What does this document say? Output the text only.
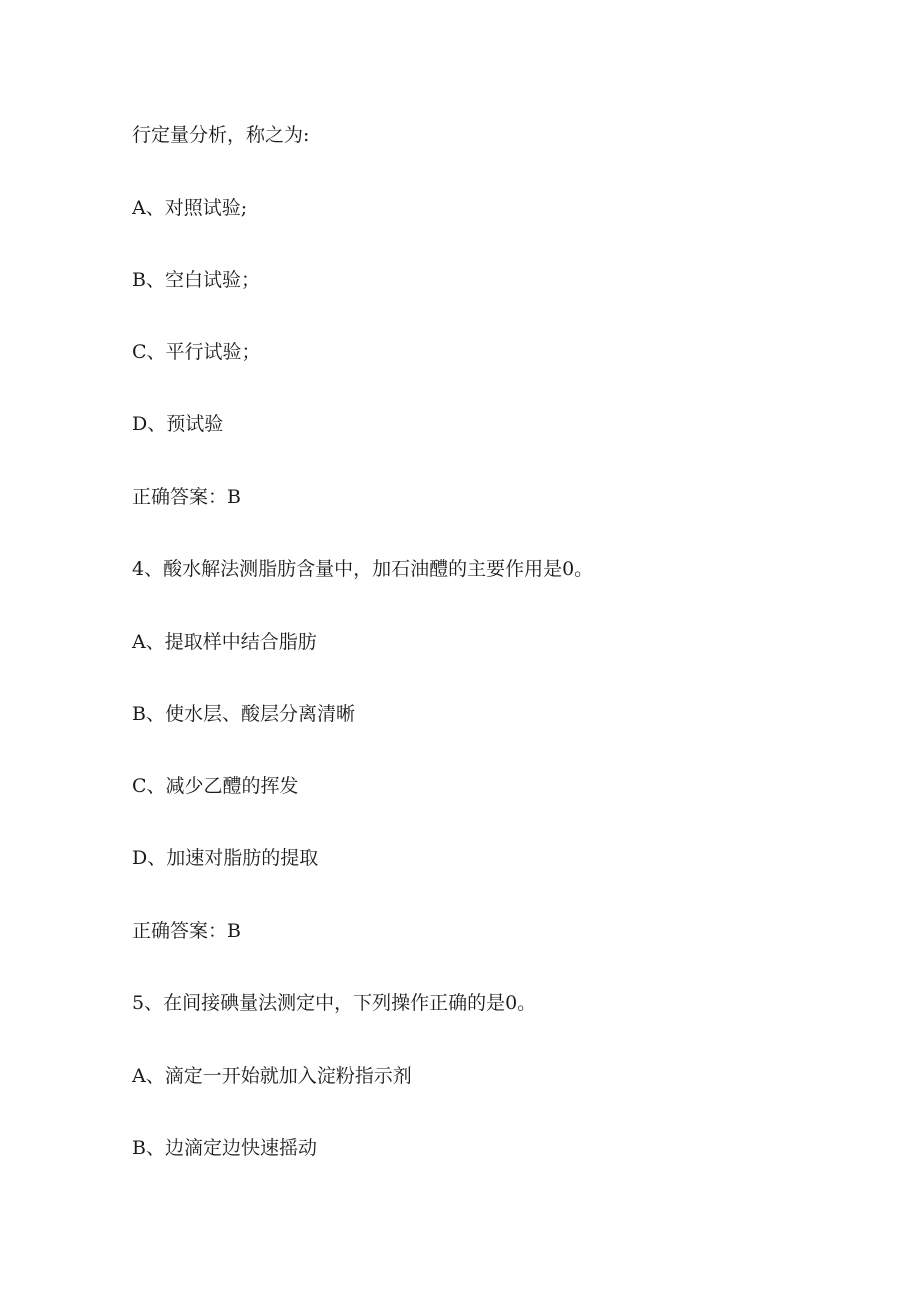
行定量分析，称之为:

A、对照试验;

B、空白试验；

C、平行试验；

D、预试验

正确答案：B

4、酸水解法测脂肪含量中，加石油醴的主要作用是0。

A、提取样中结合脂肪

B、使水层、酸层分离清晰

C、减少乙醴的挥发

D、加速对脂肪的提取

正确答案：B

5、在间接碘量法测定中，下列操作正确的是0。

A、滴定一开始就加入淀粉指示剂

B、边滴定边快速摇动
